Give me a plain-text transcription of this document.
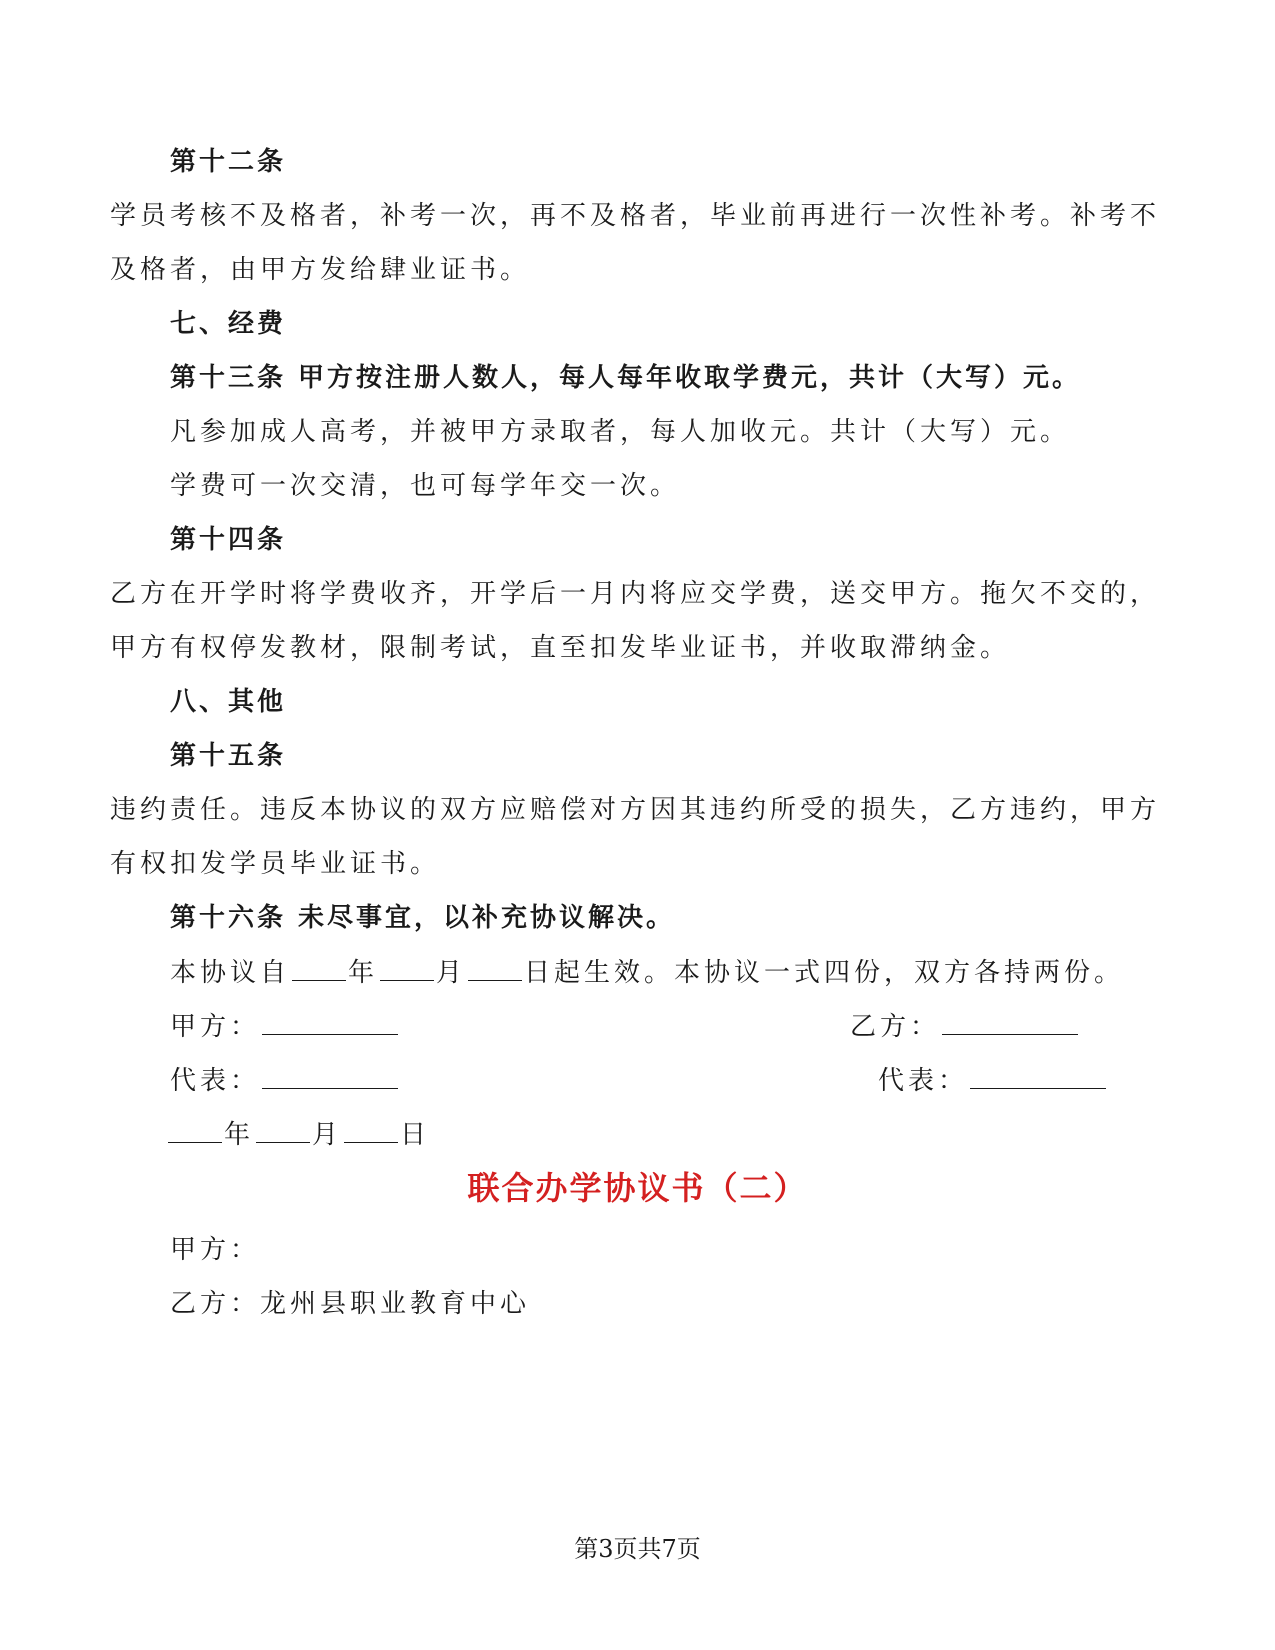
第十二条
学员考核不及格者，补考一次，再不及格者，毕业前再进行一次性补考。补考不
及格者，由甲方发给肆业证书。
七、经费
第十三条 甲方按注册人数人，每人每年收取学费元，共计（大写）元。
凡参加成人高考，并被甲方录取者，每人加收元。共计（大写）元。
学费可一次交清，也可每学年交一次。
第十四条
乙方在开学时将学费收齐，开学后一月内将应交学费，送交甲方。拖欠不交的，
甲方有权停发教材，限制考试，直至扣发毕业证书，并收取滞纳金。
八、其他
第十五条
违约责任。违反本协议的双方应赔偿对方因其违约所受的损失，乙方违约，甲方
有权扣发学员毕业证书。
第十六条 未尽事宜，以补充协议解决。
本协议自 年 月 日起生效。本协议一式四份，双方各持两份。
甲方：	乙方：
代表：	代表：
年 月 日
联合办学协议书（二）
甲方：
乙方：龙州县职业教育中心
第3页共7页
